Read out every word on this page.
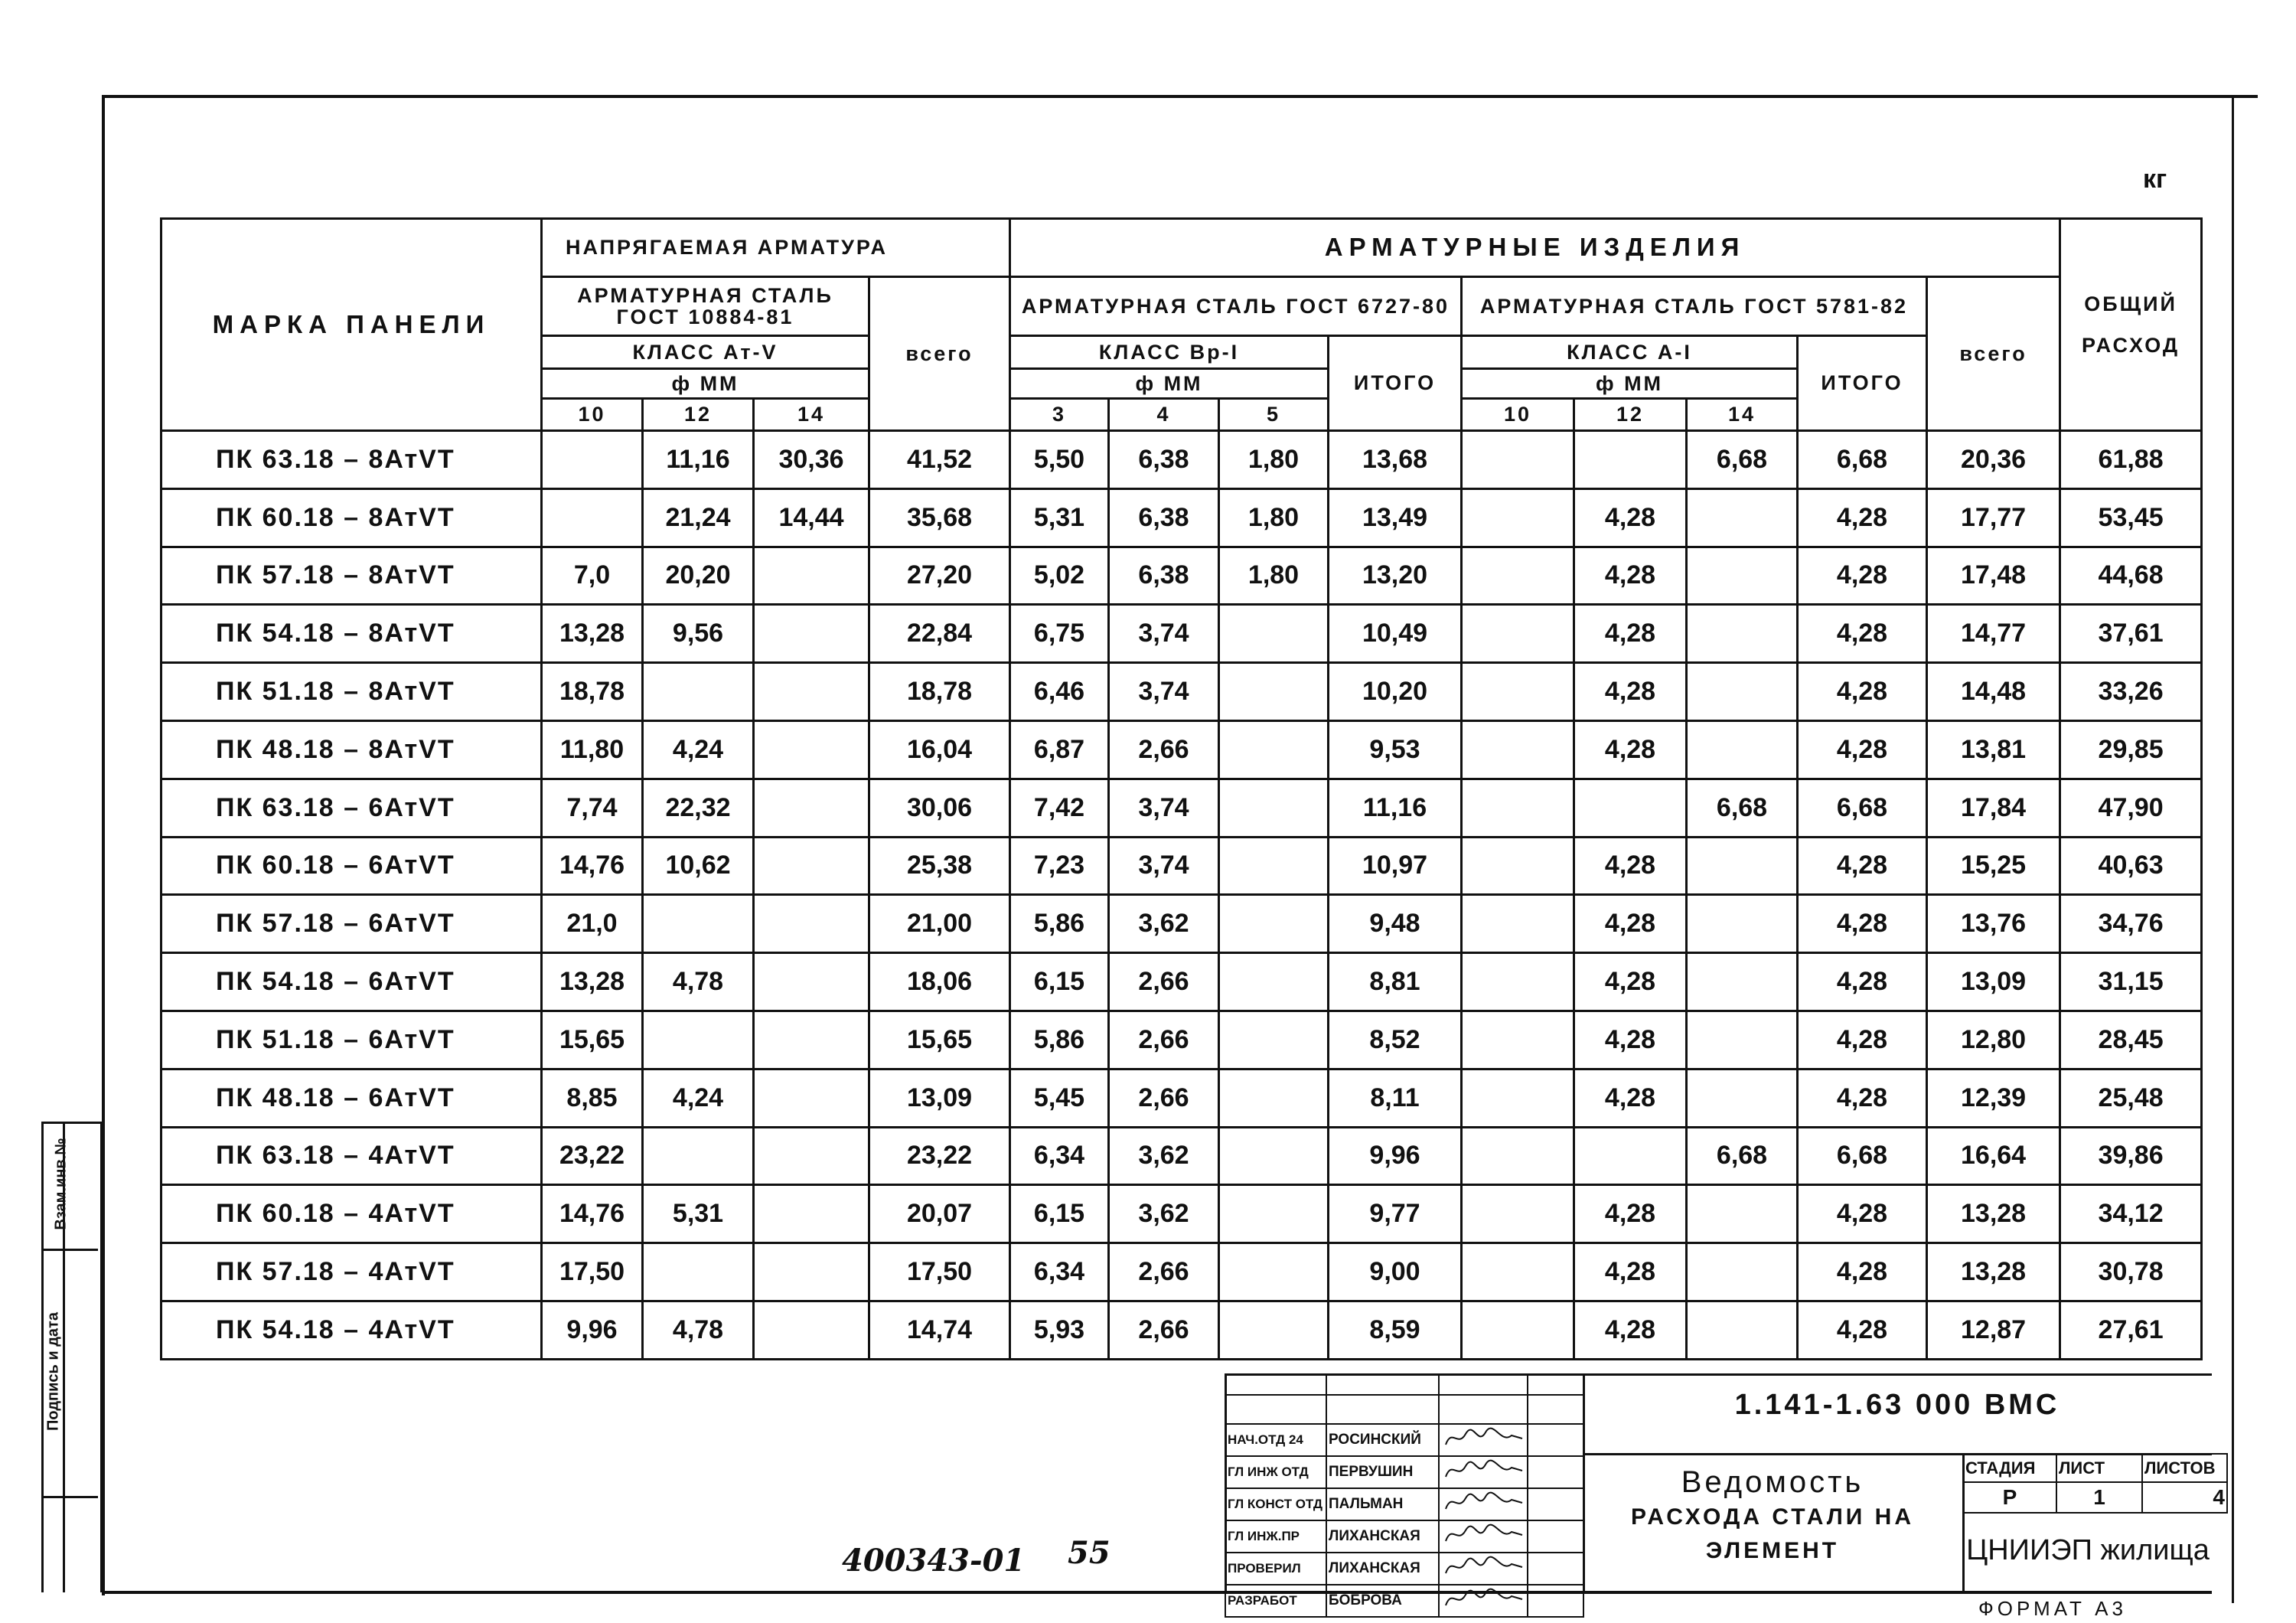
кг
МАРКА ПАНЕЛИ	НАПРЯГАЕМАЯ АРМАТУРА				АРМАТУРНЫЕ ИЗДЕЛИЯ									ОБЩИЙ РАСХОД
	АРМАТУРНАЯ СТАЛЬ ГОСТ 10884-81			всего	АРМАТУРНАЯ СТАЛЬ ГОСТ 6727-80				АРМАТУРНАЯ СТАЛЬ ГОСТ 5781-82				всего	
	КЛАСС Ат-V				КЛАСС Вр-I			ИТОГО	КЛАСС А-I			ИТОГО		
	ф ММ				ф ММ				ф ММ					
	10	12	14		3	4	5		10	12	14			
ПК 63.18 – 8АтVТ		11,16	30,36	41,52	5,50	6,38	1,80	13,68			6,68	6,68	20,36	61,88
ПК 60.18 – 8АтVТ		21,24	14,44	35,68	5,31	6,38	1,80	13,49		4,28		4,28	17,77	53,45
ПК 57.18 – 8АтVТ	7,0	20,20		27,20	5,02	6,38	1,80	13,20		4,28		4,28	17,48	44,68
ПК 54.18 – 8АтVТ	13,28	9,56		22,84	6,75	3,74		10,49		4,28		4,28	14,77	37,61
ПК 51.18 – 8АтVТ	18,78			18,78	6,46	3,74		10,20		4,28		4,28	14,48	33,26
ПК 48.18 – 8АтVТ	11,80	4,24		16,04	6,87	2,66		9,53		4,28		4,28	13,81	29,85
ПК 63.18 – 6АтVТ	7,74	22,32		30,06	7,42	3,74		11,16			6,68	6,68	17,84	47,90
ПК 60.18 – 6АтVТ	14,76	10,62		25,38	7,23	3,74		10,97		4,28		4,28	15,25	40,63
ПК 57.18 – 6АтVТ	21,0			21,00	5,86	3,62		9,48		4,28		4,28	13,76	34,76
ПК 54.18 – 6АтVТ	13,28	4,78		18,06	6,15	2,66		8,81		4,28		4,28	13,09	31,15
ПК 51.18 – 6АтVТ	15,65			15,65	5,86	2,66		8,52		4,28		4,28	12,80	28,45
ПК 48.18 – 6АтVТ	8,85	4,24		13,09	5,45	2,66		8,11		4,28		4,28	12,39	25,48
ПК 63.18 – 4АтVТ	23,22			23,22	6,34	3,62		9,96			6,68	6,68	16,64	39,86
ПК 60.18 – 4АтVТ	14,76	5,31		20,07	6,15	3,62		9,77		4,28		4,28	13,28	34,12
ПК 57.18 – 4АтVТ	17,50			17,50	6,34	2,66		9,00		4,28		4,28	13,28	30,78
ПК 54.18 – 4АтVТ	9,96	4,78		14,74	5,93	2,66		8,59		4,28		4,28	12,87	27,61
Взам.инв.№
Подпись и дата
400343-01 55

НАЧ.ОТД 24	РОСИНСКИЙ		
ГЛ ИНЖ ОТД	ПЕРВУШИН		
ГЛ КОНСТ ОТД	ПАЛЬМАН		
ГЛ ИНЖ.ПР	ЛИХАНСКАЯ		
ПРОВЕРИЛ	ЛИХАНСКАЯ		
РАЗРАБОТ	БОБРОВА		
1.141-1.63 000 ВМС
Ведомость
РАСХОДА СТАЛИ НА
ЭЛЕМЕНТ
СТАДИЯ	ЛИСТ	ЛИСТОВ
Р	1	4
ЦНИИЭП жилища
ФОРМАТ А3
